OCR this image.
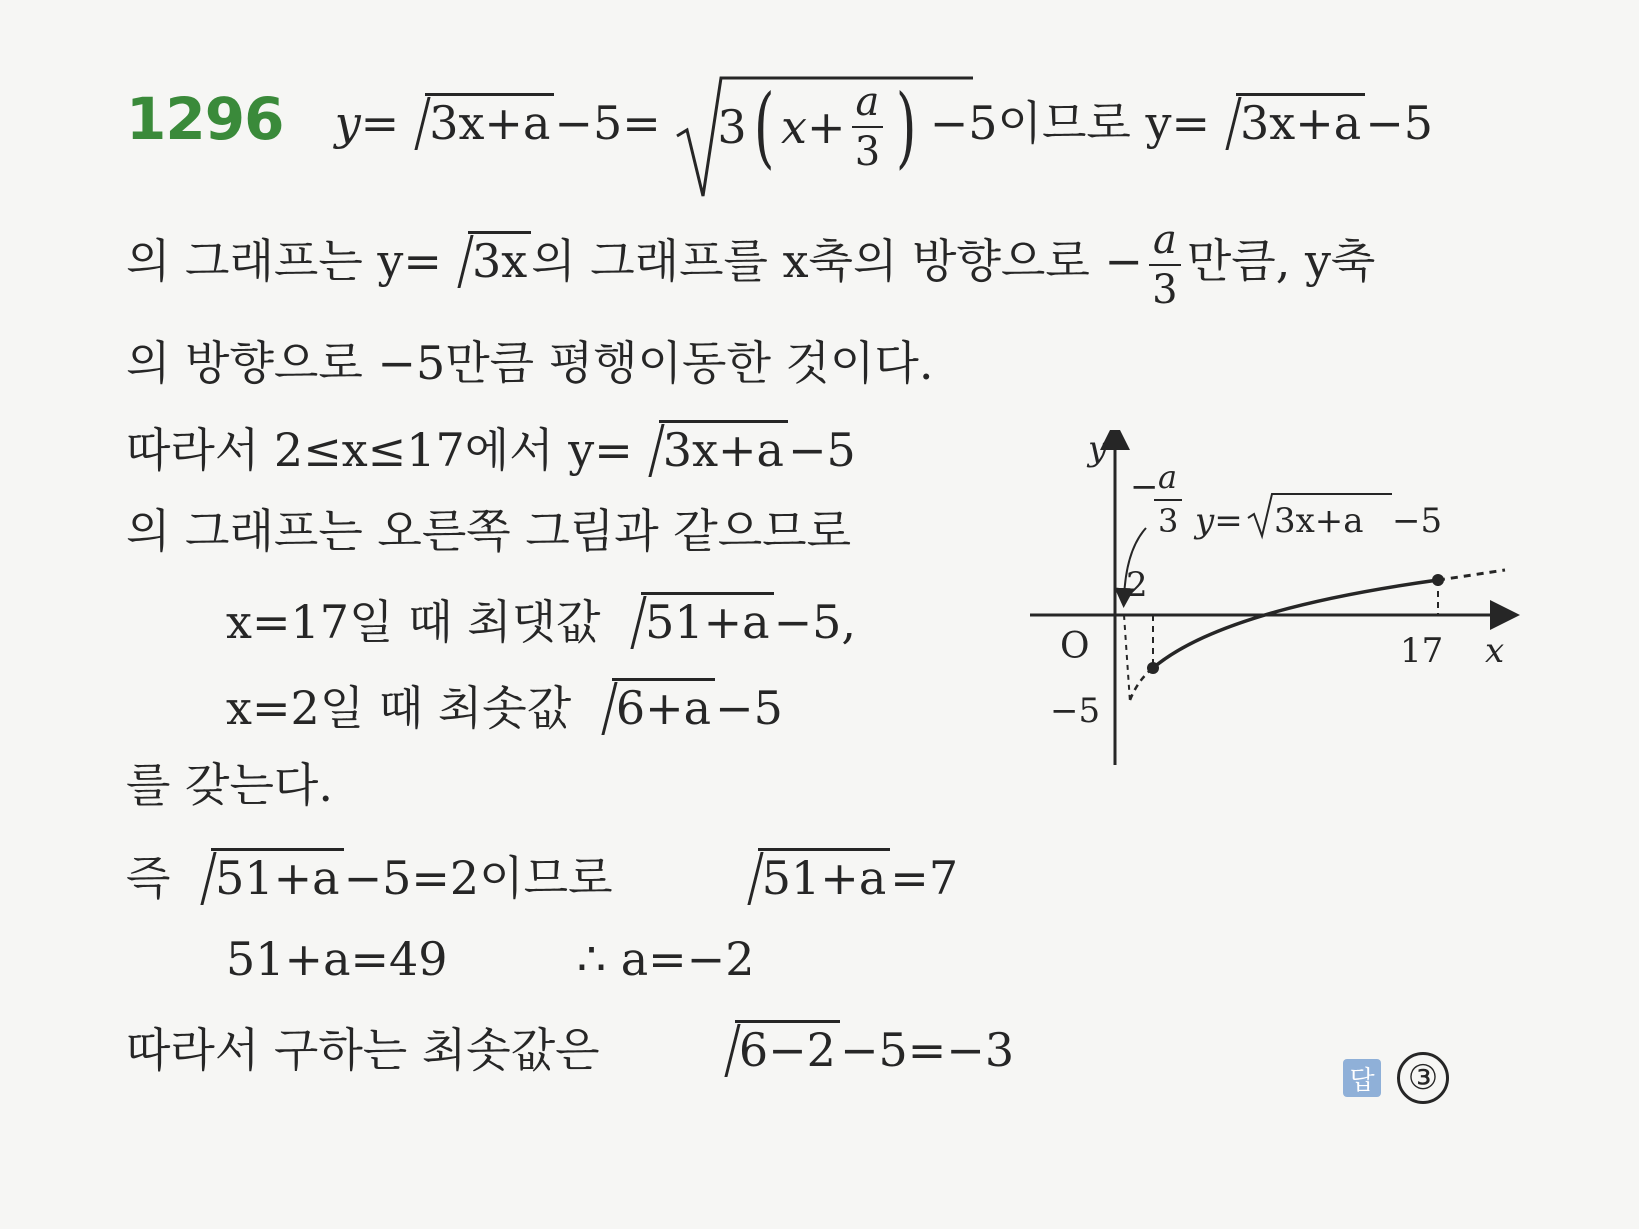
1296 y= 3x+a−5= 3 ( $x+ \frac{a}{3}$ ) −5이므로 y= 3x+a−5
의 그래프는 y= 3x의 그래프를 x축의 방향으로 − $\frac{a}{3}$ 만큼, y축
의 방향으로 −5만큼 평행이동한 것이다.
따라서 2≤x≤17에서 y= 3x+a−5
의 그래프는 오른쪽 그림과 같으므로
x=17일 때 최댓값 51+a−5,
x=2일 때 최솟값 6+a−5
를 갖는다.
즉 51+a−5=2이므로	51+a=7
51+a=49	∴ a=−2
따라서 구하는 최솟값은	6−2−5=−3
답 ③
y
x
O
2
17
−5
− a
3 y= 3x+a −5
